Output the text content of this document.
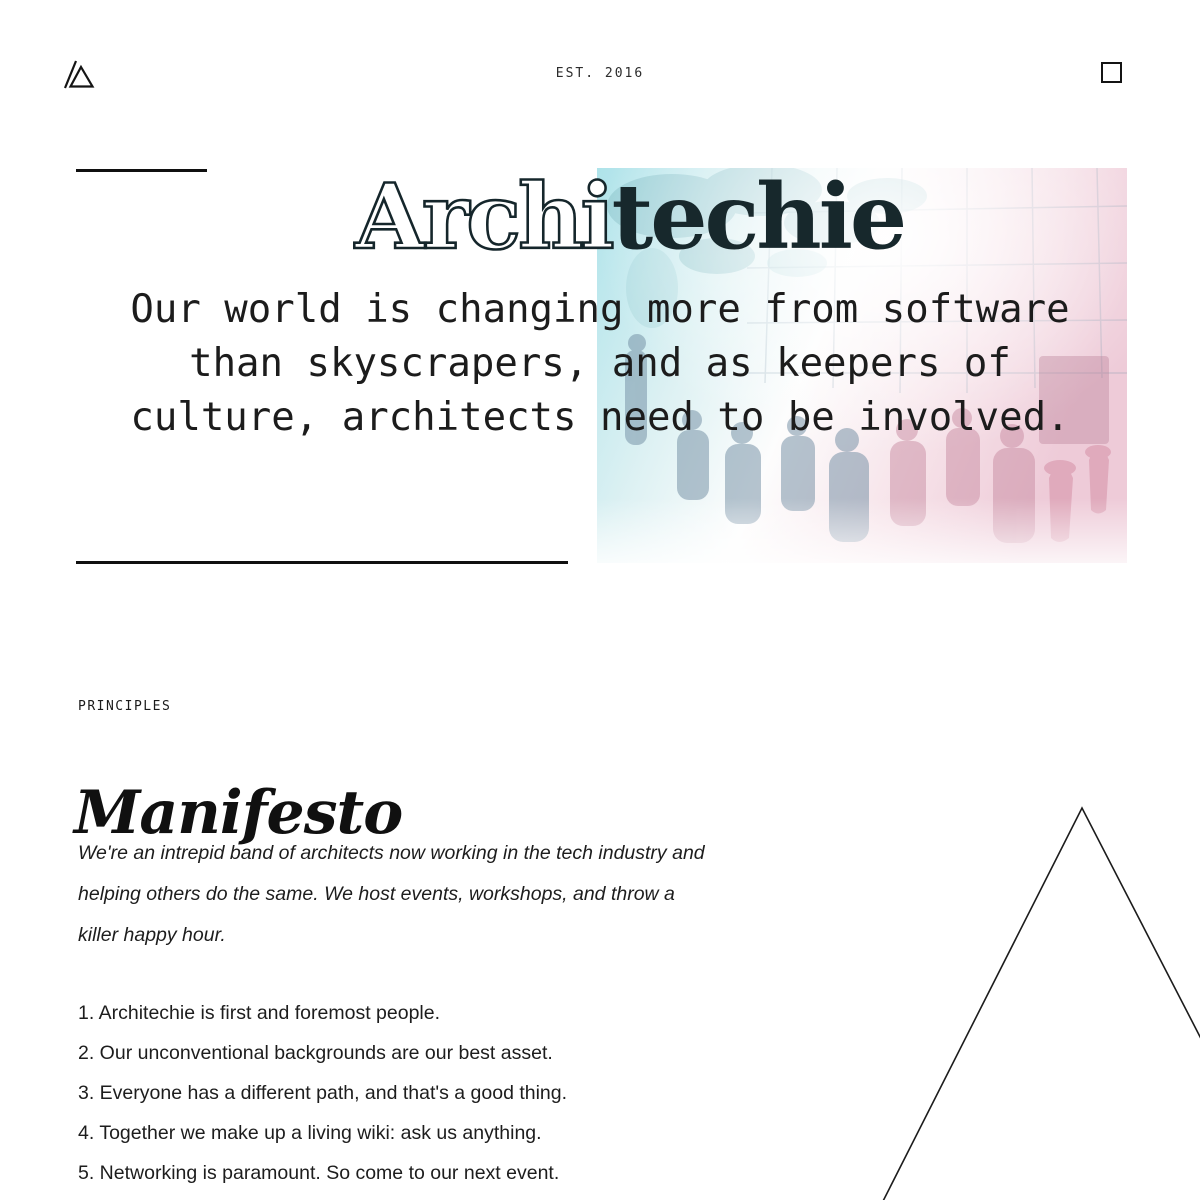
EST. 2016
Architechie
Our world is changing more from software
than skyscrapers, and as keepers of
culture, architects need to be involved.
PRINCIPLES
Manifesto
We're an intrepid band of architects now working in the tech industry and
helping others do the same. We host events, workshops, and throw a
killer happy hour.
1. Architechie is first and foremost people.
2. Our unconventional backgrounds are our best asset.
3. Everyone has a different path, and that's a good thing.
4. Together we make up a living wiki: ask us anything.
5. Networking is paramount. So come to our next event.
